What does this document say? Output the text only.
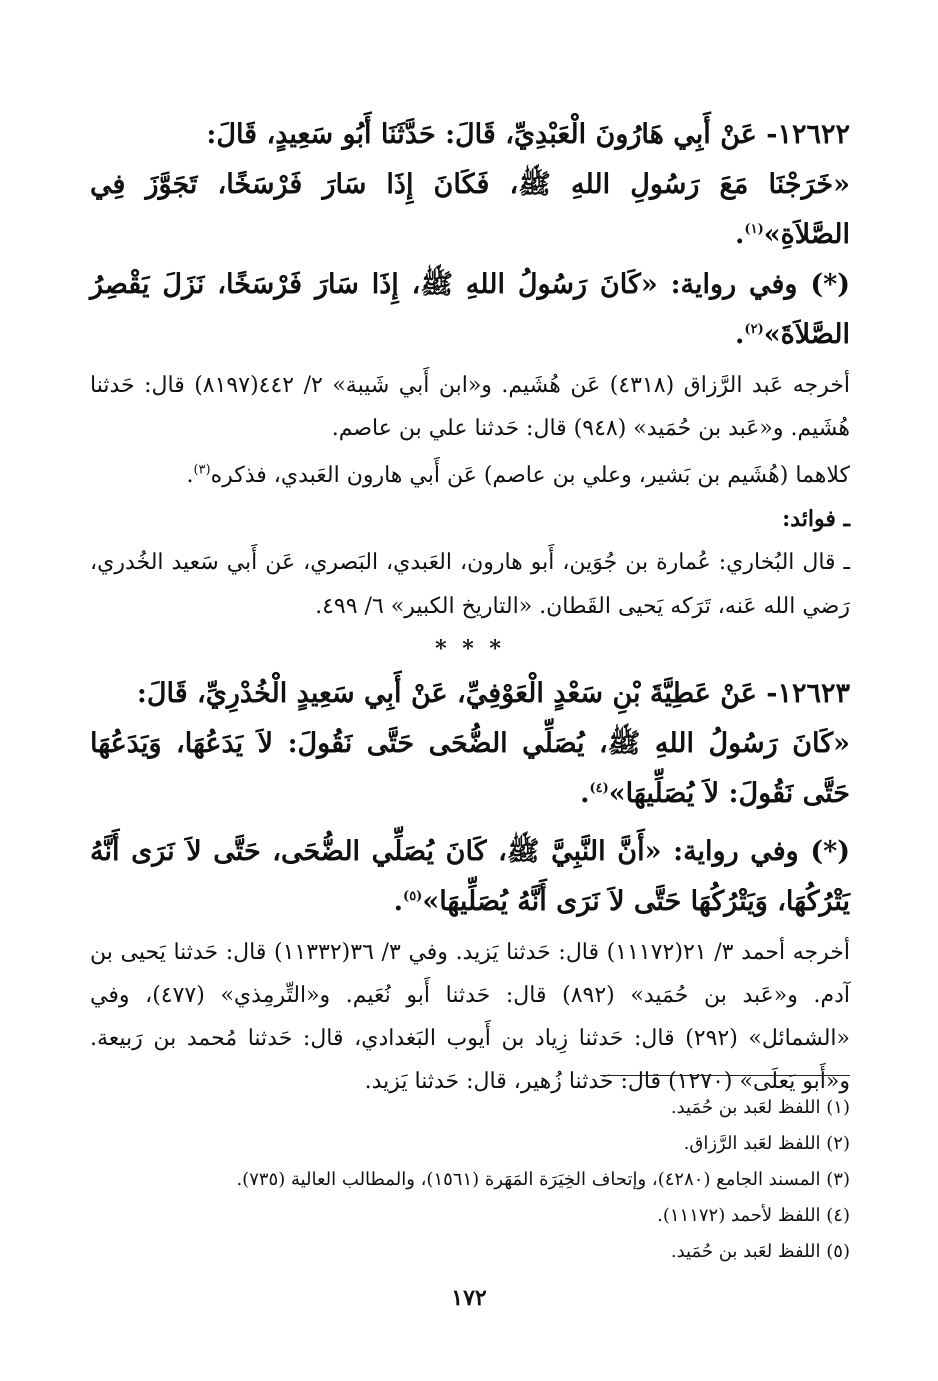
١٢٦٢٢- عَنْ أَبِي هَارُونَ الْعَبْدِيِّ، قَالَ: حَدَّثَنَا أَبُو سَعِيدٍ، قَالَ:

«خَرَجْنَا مَعَ رَسُولِ اللهِ ﷺ، فَكَانَ إِذَا سَارَ فَرْسَخًا، تَجَوَّزَ فِي الصَّلاَةِ»$^{(١)}$.

(*) وفي رواية: «كَانَ رَسُولُ اللهِ ﷺ، إِذَا سَارَ فَرْسَخًا، نَزَلَ يَقْصِرُ الصَّلاَةَ»$^{(٢)}$.

أخرجه عَبد الرَّزاق (٤٣١٨) عَن هُشَيم. و«ابن أَبي شَيبة» ٢/ ٤٤٢(٨١٩٧) قال: حَدثنا هُشَيم. و«عَبد بن حُمَيد» (٩٤٨) قال: حَدثنا علي بن عاصم.

كلاهما (هُشَيم بن بَشير، وعلي بن عاصم) عَن أَبي هارون العَبدي، فذكره$^{(٣)}$.

ـ فوائد:

ـ قال البُخاري: عُمارة بن جُوَين، أَبو هارون، العَبدي، البَصري، عَن أَبي سَعيد الخُدري، رَضي الله عَنه، تَرَكه يَحيى القَطان. «التاريخ الكبير» ٦/ ٤٩٩.

* * *

١٢٦٢٣- عَنْ عَطِيَّةَ بْنِ سَعْدٍ الْعَوْفِيِّ، عَنْ أَبِي سَعِيدٍ الْخُدْرِيِّ، قَالَ:

«كَانَ رَسُولُ اللهِ ﷺ، يُصَلِّي الضُّحَى حَتَّى نَقُولَ: لاَ يَدَعُهَا، وَيَدَعُهَا حَتَّى نَقُولَ: لاَ يُصَلِّيهَا»$^{(٤)}$.

(*) وفي رواية: «أَنَّ النَّبِيَّ ﷺ، كَانَ يُصَلِّي الضُّحَى، حَتَّى لاَ نَرَى أَنَّهُ يَتْرُكُهَا، وَيَتْرُكُهَا حَتَّى لاَ نَرَى أَنَّهُ يُصَلِّيهَا»$^{(٥)}$.

أخرجه أحمد ٣/ ٢١(١١١٧٢) قال: حَدثنا يَزيد. وفي ٣/ ٣٦(١١٣٣٢) قال: حَدثنا يَحيى بن آدم. و«عَبد بن حُمَيد» (٨٩٢) قال: حَدثنا أَبو نُعَيم. و«التِّرمِذي» (٤٧٧)، وفي «الشمائل» (٢٩٢) قال: حَدثنا زِياد بن أَيوب البَغدادي، قال: حَدثنا مُحمد بن رَبيعة. و«أَبو يَعلَى» (١٢٧٠) قال: حَدثنا زُهير، قال: حَدثنا يَزيد.

(١) اللفظ لعَبد بن حُمَيد.
(٢) اللفظ لعَبد الرَّزاق.
(٣) المسند الجامع (٤٢٨٠)، وإتحاف الخِيَرَة المَهَرة (١٥٦١)، والمطالب العالية (٧٣٥).
(٤) اللفظ لأحمد (١١١٧٢).
(٥) اللفظ لعَبد بن حُمَيد.
١٧٢
